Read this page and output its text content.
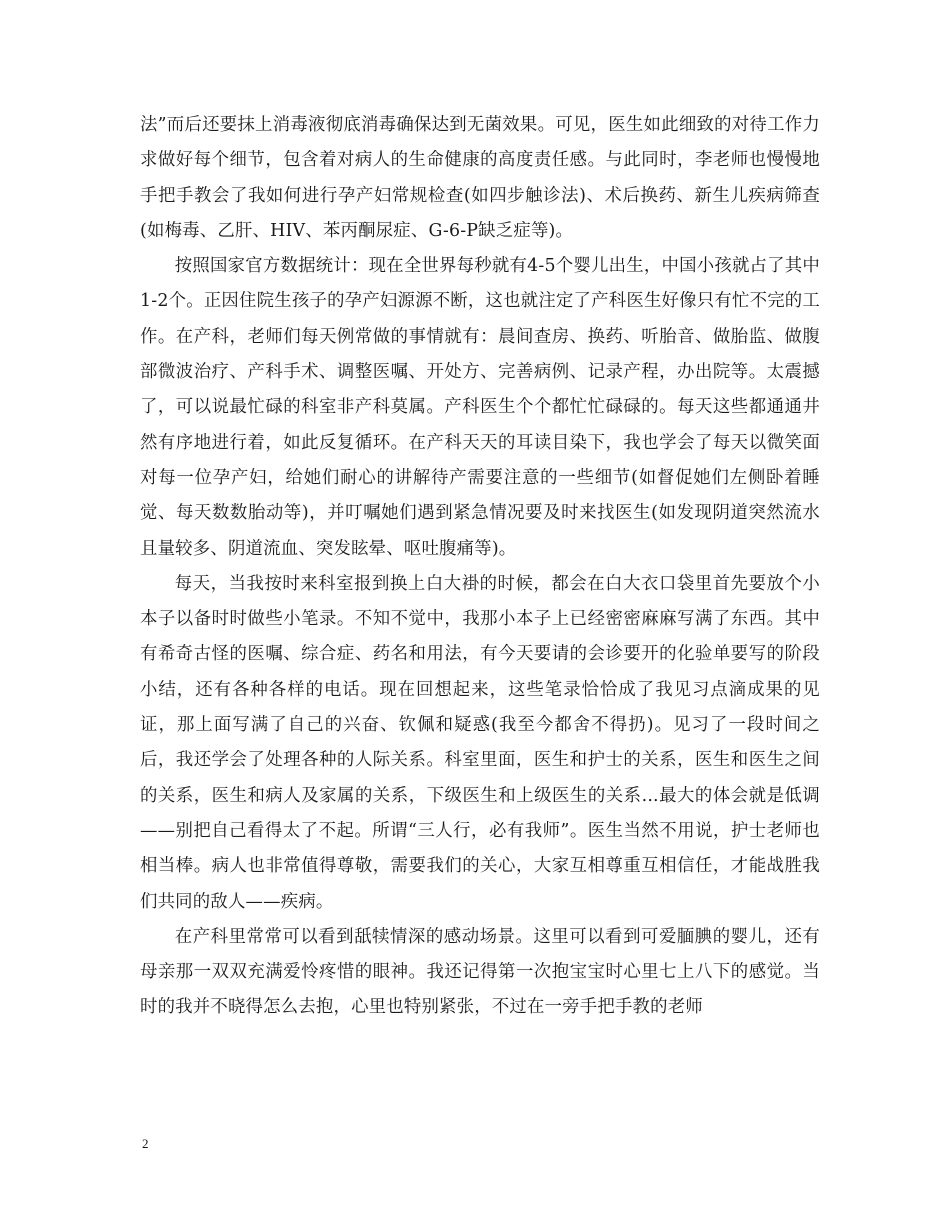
法”而后还要抹上消毒液彻底消毒确保达到无菌效果。可见，医生如此细致的对待工作力求做好每个细节，包含着对病人的生命健康的高度责任感。与此同时，李老师也慢慢地手把手教会了我如何进行孕产妇常规检查(如四步触诊法)、术后换药、新生儿疾病筛查(如梅毒、乙肝、HIV、苯丙酮尿症、G-6-P缺乏症等)。

按照国家官方数据统计：现在全世界每秒就有4-5个婴儿出生，中国小孩就占了其中1-2个。正因住院生孩子的孕产妇源源不断，这也就注定了产科医生好像只有忙不完的工作。在产科，老师们每天例常做的事情就有：晨间查房、换药、听胎音、做胎监、做腹部微波治疗、产科手术、调整医嘱、开处方、完善病例、记录产程，办出院等。太震撼了，可以说最忙碌的科室非产科莫属。产科医生个个都忙忙碌碌的。每天这些都通通井然有序地进行着，如此反复循环。在产科天天的耳读目染下，我也学会了每天以微笑面对每一位孕产妇，给她们耐心的讲解待产需要注意的一些细节(如督促她们左侧卧着睡觉、每天数数胎动等)，并叮嘱她们遇到紧急情况要及时来找医生(如发现阴道突然流水且量较多、阴道流血、突发眩晕、呕吐腹痛等)。

每天，当我按时来科室报到换上白大褂的时候，都会在白大衣口袋里首先要放个小本子以备时时做些小笔录。不知不觉中，我那小本子上已经密密麻麻写满了东西。其中有希奇古怪的医嘱、综合症、药名和用法，有今天要请的会诊要开的化验单要写的阶段小结，还有各种各样的电话。现在回想起来，这些笔录恰恰成了我见习点滴成果的见证，那上面写满了自己的兴奋、钦佩和疑惑(我至今都舍不得扔)。见习了一段时间之后，我还学会了处理各种的人际关系。科室里面，医生和护士的关系，医生和医生之间的关系，医生和病人及家属的关系，下级医生和上级医生的关系...最大的体会就是低调——别把自己看得太了不起。所谓“三人行，必有我师”。医生当然不用说，护士老师也相当棒。病人也非常值得尊敬，需要我们的关心，大家互相尊重互相信任，才能战胜我们共同的敌人——疾病。

在产科里常常可以看到舐犊情深的感动场景。这里可以看到可爱腼腆的婴儿，还有母亲那一双双充满爱怜疼惜的眼神。我还记得第一次抱宝宝时心里七上八下的感觉。当时的我并不晓得怎么去抱，心里也特别紧张，不过在一旁手把手教的老师

2
